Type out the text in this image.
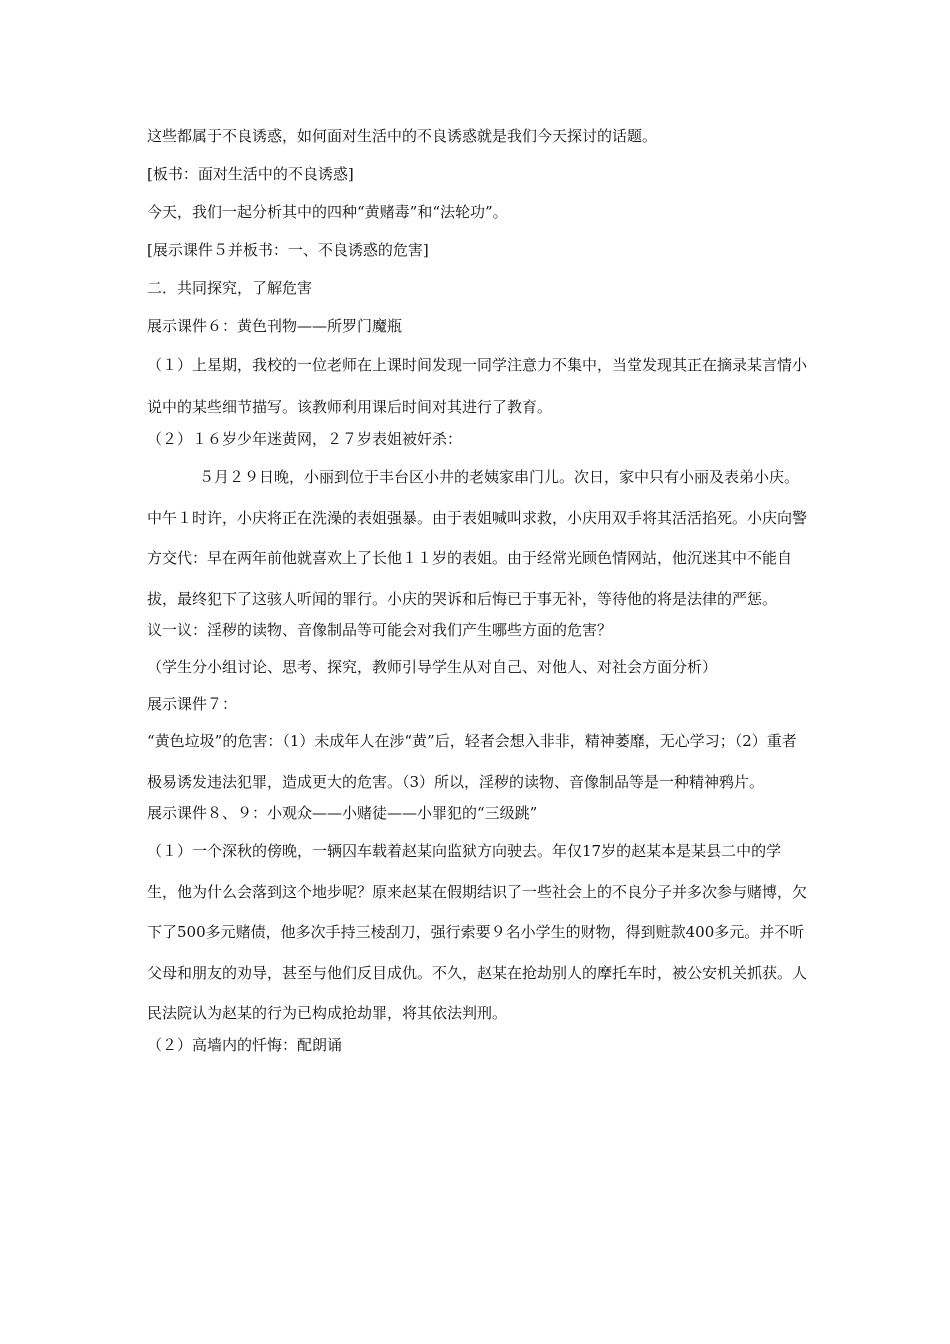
这些都属于不良诱惑，如何面对生活中的不良诱惑就是我们今天探讨的话题。
[板书：面对生活中的不良诱惑]
今天，我们一起分析其中的四种“黄赌毒”和“法轮功”。
[展示课件５并板书：一、不良诱惑的危害]
二．共同探究，了解危害
展示课件６：黄色刊物——所罗门魔瓶
（１）上星期，我校的一位老师在上课时间发现一同学注意力不集中，当堂发现其正在摘录某言情小说中的某些细节描写。该教师利用课后时间对其进行了教育。
（２）１６岁少年迷黄网，２７岁表姐被奸杀：
５月２９日晚，小丽到位于丰台区小井的老姨家串门儿。次日，家中只有小丽及表弟小庆。中午１时许，小庆将正在洗澡的表姐强暴。由于表姐喊叫求救，小庆用双手将其活活掐死。小庆向警方交代：早在两年前他就喜欢上了长他１１岁的表姐。由于经常光顾色情网站，他沉迷其中不能自拔，最终犯下了这骇人听闻的罪行。小庆的哭诉和后悔已于事无补，等待他的将是法律的严惩。
议一议：淫秽的读物、音像制品等可能会对我们产生哪些方面的危害？
（学生分小组讨论、思考、探究，教师引导学生从对自己、对他人、对社会方面分析）
展示课件７：
“黄色垃圾”的危害：（1）未成年人在涉“黄”后，轻者会想入非非，精神萎靡，无心学习；（2）重者极易诱发违法犯罪，造成更大的危害。（3）所以，淫秽的读物、音像制品等是一种精神鸦片。
展示课件８、９：小观众——小赌徒——小罪犯的“三级跳”
（１）一个深秋的傍晚，一辆囚车载着赵某向监狱方向驶去。年仅17岁的赵某本是某县二中的学生，他为什么会落到这个地步呢？原来赵某在假期结识了一些社会上的不良分子并多次参与赌博，欠下了500多元赌债，他多次手持三棱刮刀，强行索要９名小学生的财物，得到赃款400多元。并不听父母和朋友的劝导，甚至与他们反目成仇。不久，赵某在抢劫别人的摩托车时，被公安机关抓获。人民法院认为赵某的行为已构成抢劫罪，将其依法判刑。
（２）高墙内的忏悔：配朗诵
